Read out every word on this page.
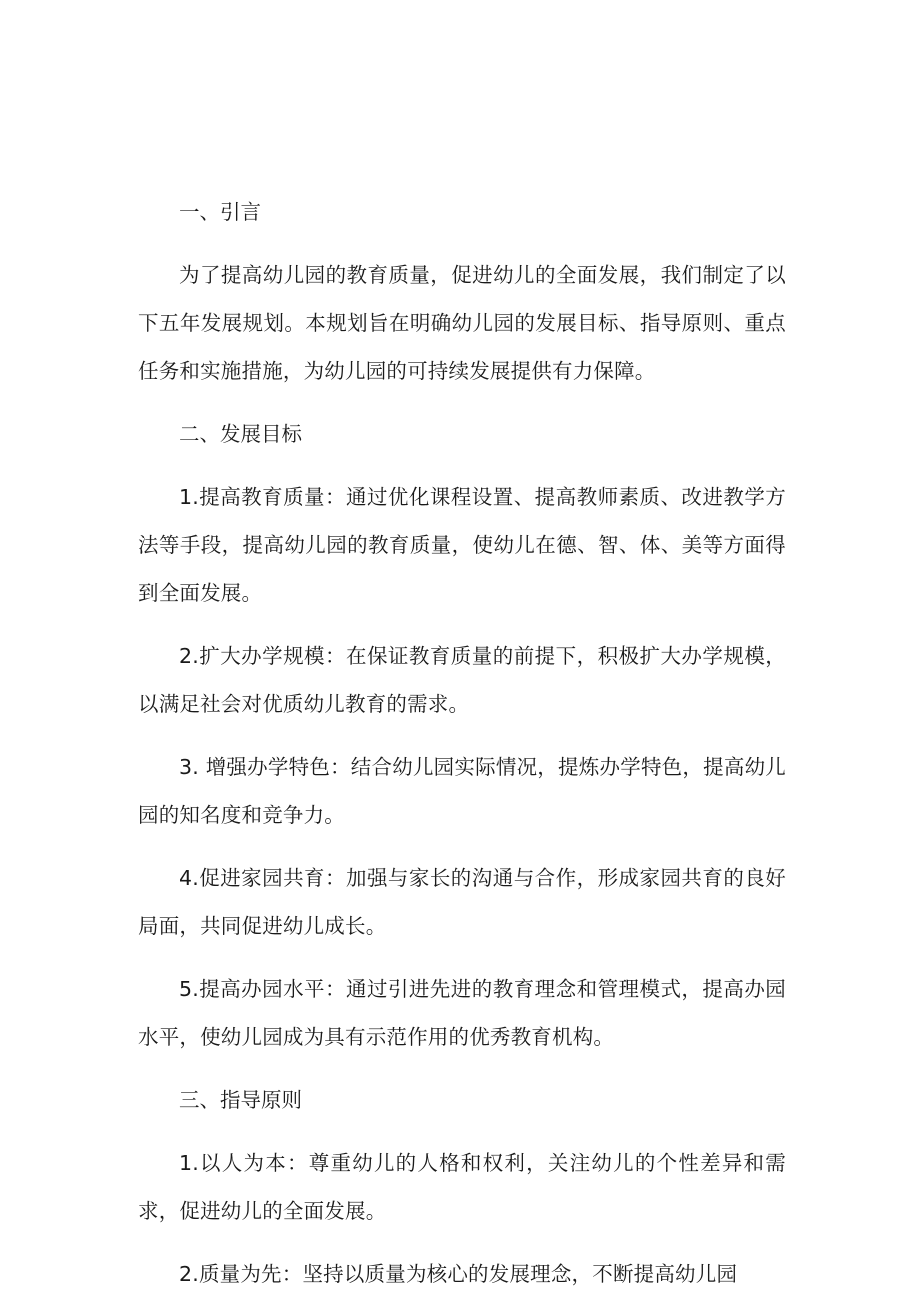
一、引言

为了提高幼儿园的教育质量，促进幼儿的全面发展，我们制定了以下五年发展规划。本规划旨在明确幼儿园的发展目标、指导原则、重点任务和实施措施，为幼儿园的可持续发展提供有力保障。

二、发展目标

1.提高教育质量：通过优化课程设置、提高教师素质、改进教学方法等手段，提高幼儿园的教育质量，使幼儿在德、智、体、美等方面得到全面发展。

2.扩大办学规模：在保证教育质量的前提下，积极扩大办学规模，以满足社会对优质幼儿教育的需求。

3. 增强办学特色：结合幼儿园实际情况，提炼办学特色，提高幼儿园的知名度和竞争力。

4.促进家园共育：加强与家长的沟通与合作，形成家园共育的良好局面，共同促进幼儿成长。

5.提高办园水平：通过引进先进的教育理念和管理模式，提高办园水平，使幼儿园成为具有示范作用的优秀教育机构。

三、指导原则

1.以人为本：尊重幼儿的人格和权利，关注幼儿的个性差异和需求，促进幼儿的全面发展。

2.质量为先：坚持以质量为核心的发展理念，不断提高幼儿园
